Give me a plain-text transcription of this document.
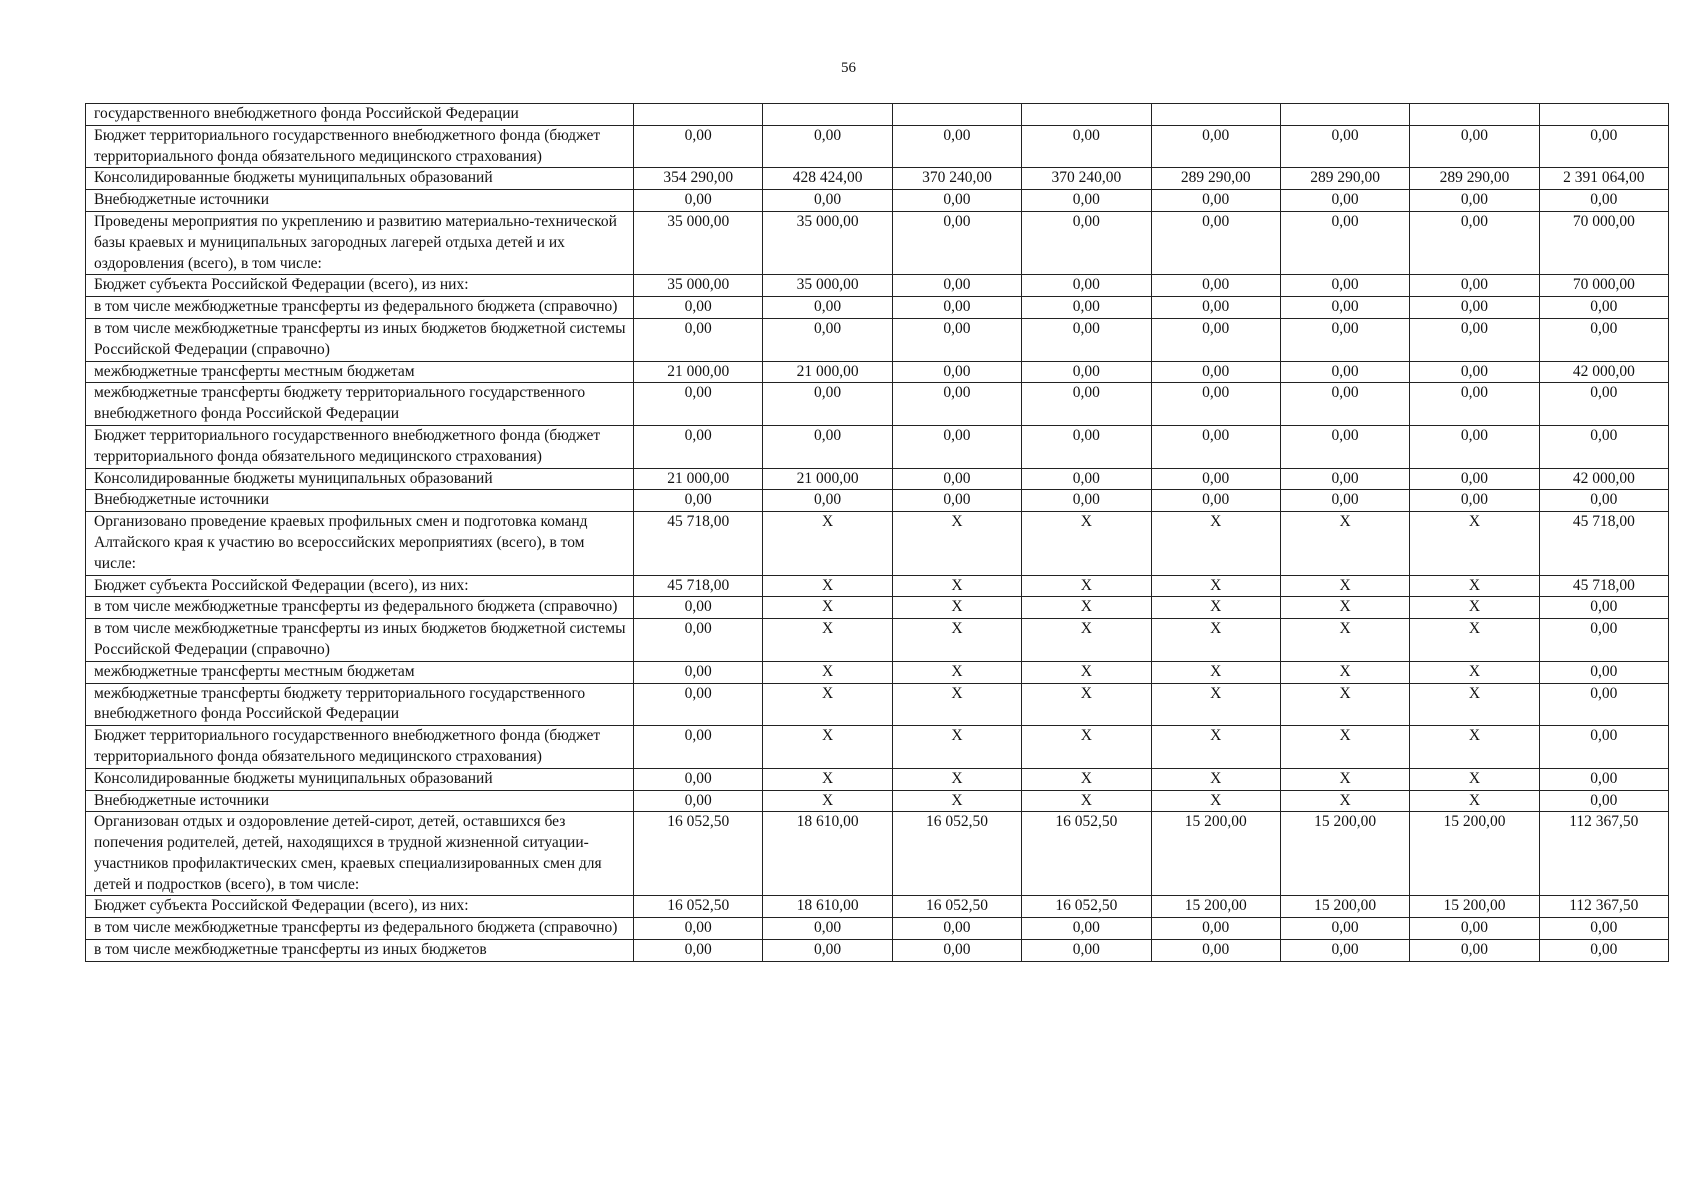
56
государственного внебюджетного фонда Российской Федерации								
Бюджет территориального государственного внебюджетного фонда (бюджет территориального фонда обязательного медицинского страхования)	0,00	0,00	0,00	0,00	0,00	0,00	0,00	0,00
Консолидированные бюджеты муниципальных образований	354 290,00	428 424,00	370 240,00	370 240,00	289 290,00	289 290,00	289 290,00	2 391 064,00
Внебюджетные источники	0,00	0,00	0,00	0,00	0,00	0,00	0,00	0,00
Проведены мероприятия по укреплению и развитию материально-технической базы краевых и муниципальных загородных лагерей отдыха детей и их оздоровления (всего), в том числе:	35 000,00	35 000,00	0,00	0,00	0,00	0,00	0,00	70 000,00
Бюджет субъекта Российской Федерации (всего), из них:	35 000,00	35 000,00	0,00	0,00	0,00	0,00	0,00	70 000,00
в том числе межбюджетные трансферты из федерального бюджета (справочно)	0,00	0,00	0,00	0,00	0,00	0,00	0,00	0,00
в том числе межбюджетные трансферты из иных бюджетов бюджетной системы Российской Федерации (справочно)	0,00	0,00	0,00	0,00	0,00	0,00	0,00	0,00
межбюджетные трансферты местным бюджетам	21 000,00	21 000,00	0,00	0,00	0,00	0,00	0,00	42 000,00
межбюджетные трансферты бюджету территориального государственного внебюджетного фонда Российской Федерации	0,00	0,00	0,00	0,00	0,00	0,00	0,00	0,00
Бюджет территориального государственного внебюджетного фонда (бюджет территориального фонда обязательного медицинского страхования)	0,00	0,00	0,00	0,00	0,00	0,00	0,00	0,00
Консолидированные бюджеты муниципальных образований	21 000,00	21 000,00	0,00	0,00	0,00	0,00	0,00	42 000,00
Внебюджетные источники	0,00	0,00	0,00	0,00	0,00	0,00	0,00	0,00
Организовано проведение краевых профильных смен и подготовка команд Алтайского края к участию во всероссийских мероприятиях (всего), в том числе:	45 718,00	X	X	X	X	X	X	45 718,00
Бюджет субъекта Российской Федерации (всего), из них:	45 718,00	X	X	X	X	X	X	45 718,00
в том числе межбюджетные трансферты из федерального бюджета (справочно)	0,00	X	X	X	X	X	X	0,00
в том числе межбюджетные трансферты из иных бюджетов бюджетной системы Российской Федерации (справочно)	0,00	X	X	X	X	X	X	0,00
межбюджетные трансферты местным бюджетам	0,00	X	X	X	X	X	X	0,00
межбюджетные трансферты бюджету территориального государственного внебюджетного фонда Российской Федерации	0,00	X	X	X	X	X	X	0,00
Бюджет территориального государственного внебюджетного фонда (бюджет территориального фонда обязательного медицинского страхования)	0,00	X	X	X	X	X	X	0,00
Консолидированные бюджеты муниципальных образований	0,00	X	X	X	X	X	X	0,00
Внебюджетные источники	0,00	X	X	X	X	X	X	0,00
Организован отдых и оздоровление детей-сирот, детей, оставшихся без попечения родителей, детей, находящихся в трудной жизненной ситуации-участников профилактических смен, краевых специализированных смен для детей и подростков (всего), в том числе:	16 052,50	18 610,00	16 052,50	16 052,50	15 200,00	15 200,00	15 200,00	112 367,50
Бюджет субъекта Российской Федерации (всего), из них:	16 052,50	18 610,00	16 052,50	16 052,50	15 200,00	15 200,00	15 200,00	112 367,50
в том числе межбюджетные трансферты из федерального бюджета (справочно)	0,00	0,00	0,00	0,00	0,00	0,00	0,00	0,00
в том числе межбюджетные трансферты из иных бюджетов	0,00	0,00	0,00	0,00	0,00	0,00	0,00	0,00
